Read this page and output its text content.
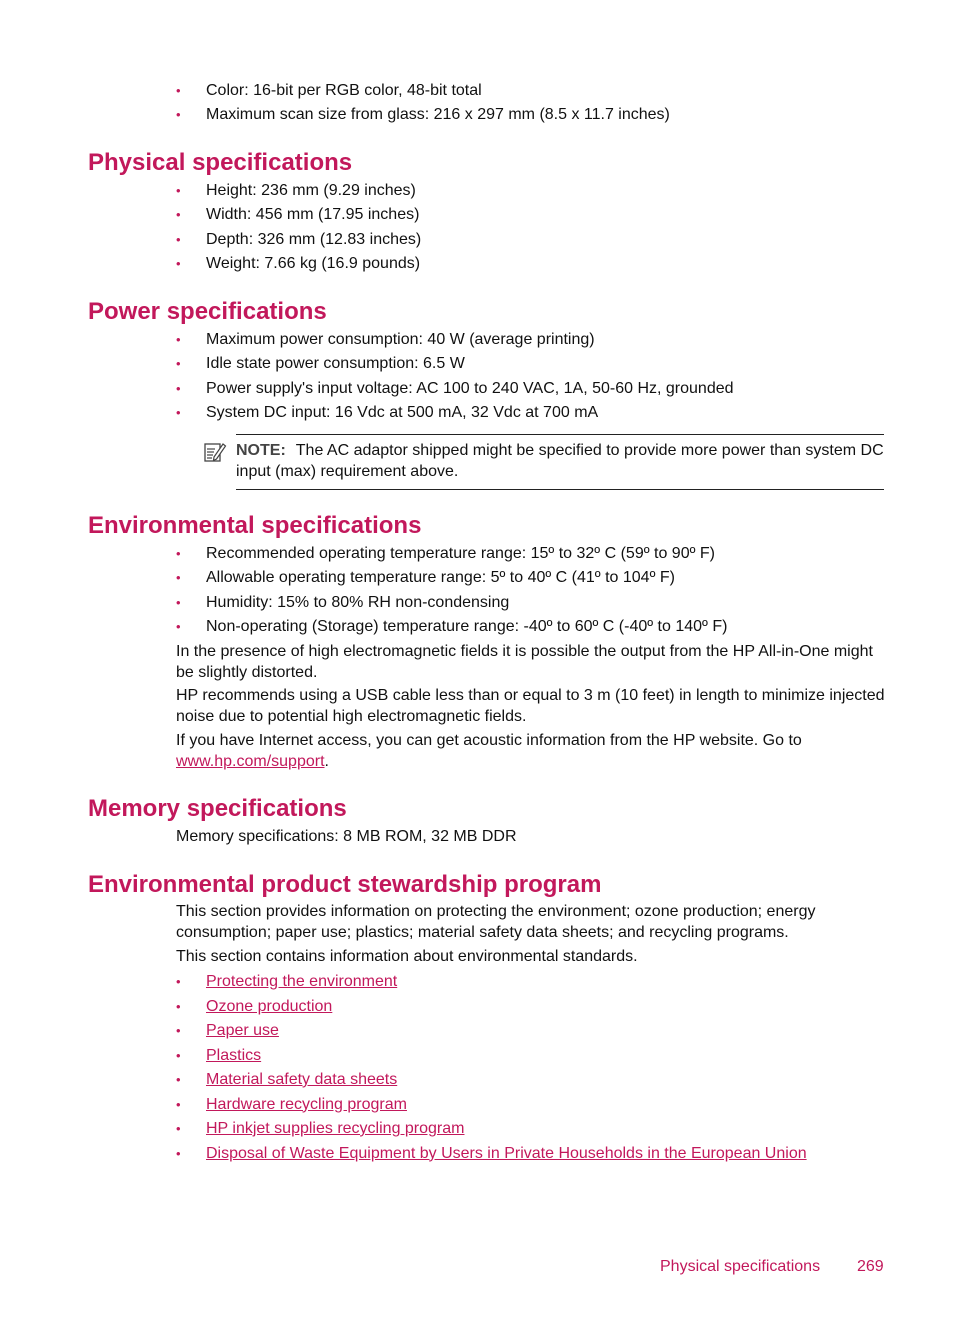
• Color: 16-bit per RGB color, 48-bit total
• Maximum scan size from glass: 216 x 297 mm (8.5 x 11.7 inches)
Physical specifications
• Height: 236 mm (9.29 inches)
• Width: 456 mm (17.95 inches)
• Depth: 326 mm (12.83 inches)
• Weight: 7.66 kg (16.9 pounds)
Power specifications
• Maximum power consumption: 40 W (average printing)
• Idle state power consumption: 6.5 W
• Power supply's input voltage: AC 100 to 240 VAC, 1A, 50-60 Hz, grounded
• System DC input: 16 Vdc at 500 mA, 32 Vdc at 700 mA

NOTE: The AC adaptor shipped might be specified to provide more power than system DC input (max) requirement above.

Environmental specifications
• Recommended operating temperature range: 15º to 32º C (59º to 90º F)
• Allowable operating temperature range: 5º to 40º C (41º to 104º F)
• Humidity: 15% to 80% RH non-condensing
• Non-operating (Storage) temperature range: -40º to 60º C (-40º to 140º F)

In the presence of high electromagnetic fields it is possible the output from the HP All-in-One might be slightly distorted.

HP recommends using a USB cable less than or equal to 3 m (10 feet) in length to minimize injected noise due to potential high electromagnetic fields.

If you have Internet access, you can get acoustic information from the HP website. Go to www.hp.com/support.

Memory specifications

Memory specifications: 8 MB ROM, 32 MB DDR

Environmental product stewardship program

This section provides information on protecting the environment; ozone production; energy consumption; paper use; plastics; material safety data sheets; and recycling programs.

This section contains information about environmental standards.

• Protecting the environment
• Ozone production
• Paper use
• Plastics
• Material safety data sheets
• Hardware recycling program
• HP inkjet supplies recycling program
• Disposal of Waste Equipment by Users in Private Households in the European Union
Physical specifications 269
